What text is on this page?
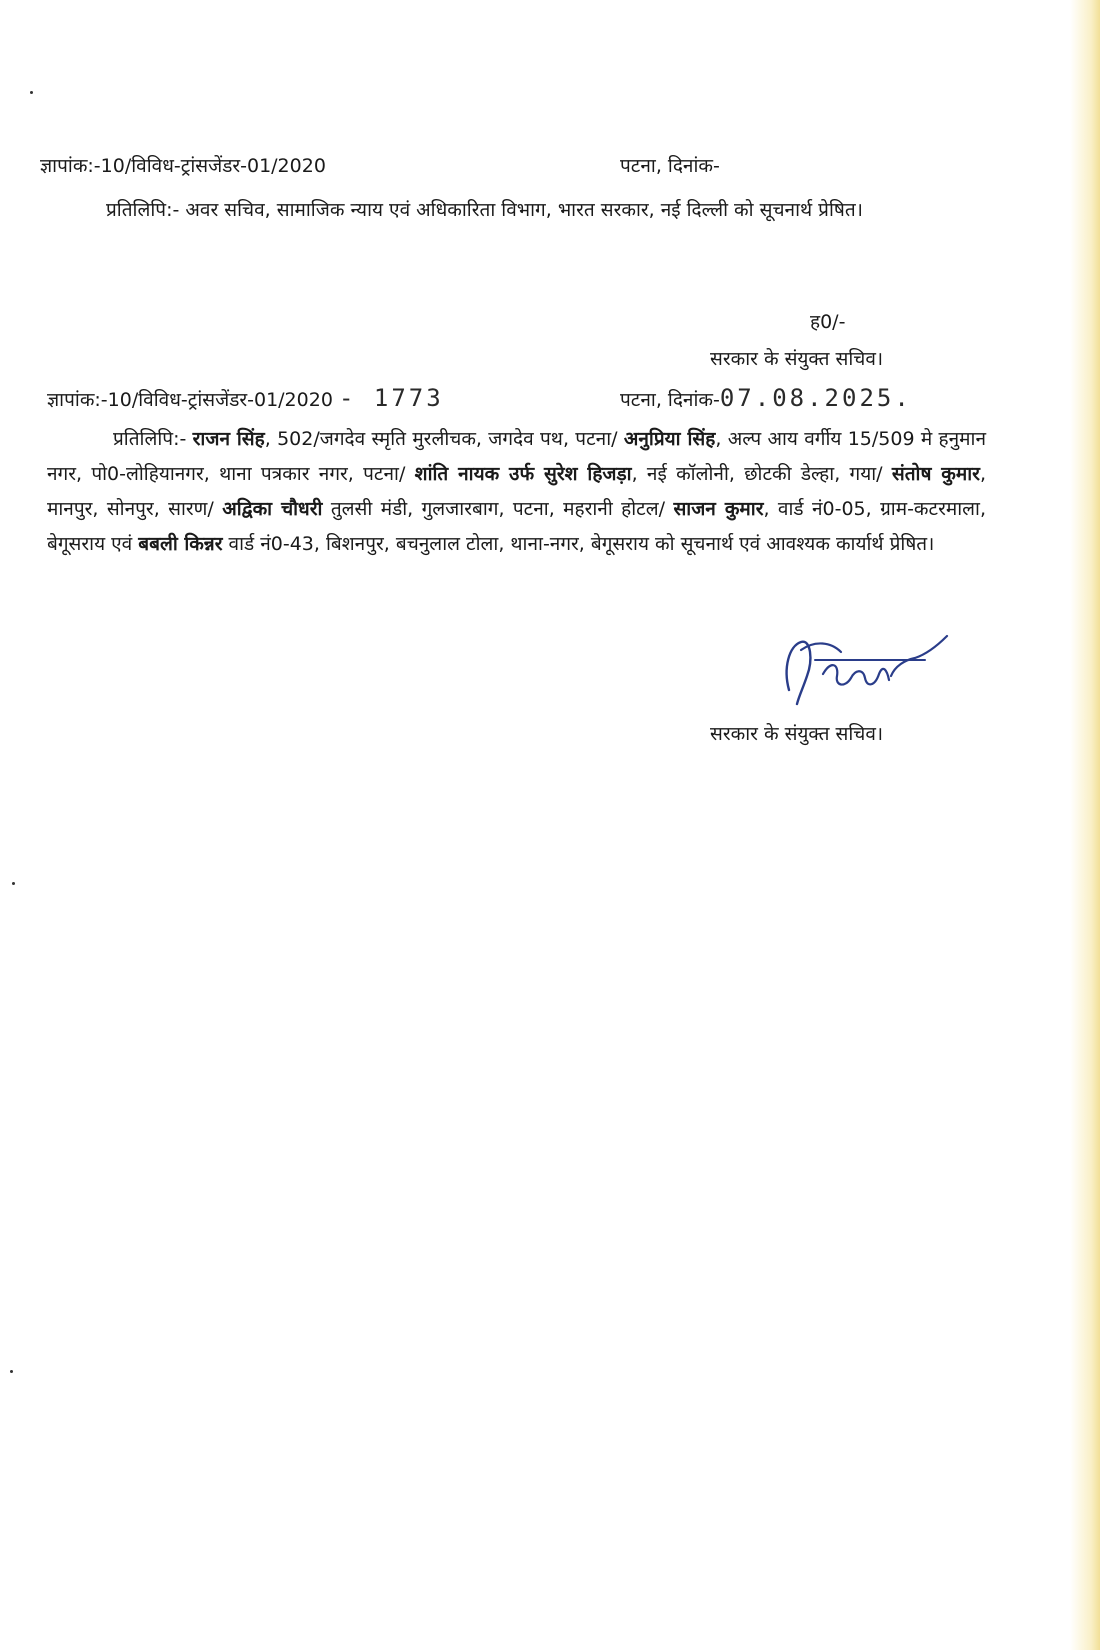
ज्ञापांक:-10/विविध-ट्रांसजेंडर-01/2020	पटना, दिनांक-
प्रतिलिपि:- अवर सचिव, सामाजिक न्याय एवं अधिकारिता विभाग, भारत सरकार, नई दिल्ली को सूचनार्थ प्रेषित।
ह0/-
सरकार के संयुक्त सचिव।
ज्ञापांक:-10/विविध-ट्रांसजेंडर-01/2020 - 1773	पटना, दिनांक-07.08.2025.
प्रतिलिपि:- राजन सिंह, 502/जगदेव स्मृति मुरलीचक, जगदेव पथ, पटना/ अनुप्रिया सिंह, अल्प आय वर्गीय 15/509 मे हनुमान नगर, पो0-लोहियानगर, थाना पत्रकार नगर, पटना/ शांति नायक उर्फ सुरेश हिजड़ा, नई कॉलोनी, छोटकी डेल्हा, गया/ संतोष कुमार, मानपुर, सोनपुर, सारण/ अद्विका चौधरी तुलसी मंडी, गुलजारबाग, पटना, महरानी होटल/ साजन कुमार, वार्ड नं0-05, ग्राम-कटरमाला, बेगूसराय एवं बबली किन्नर वार्ड नं0-43, बिशनपुर, बचनुलाल टोला, थाना-नगर, बेगूसराय को सूचनार्थ एवं आवश्यक कार्यार्थ प्रेषित।
सरकार के संयुक्त सचिव।
